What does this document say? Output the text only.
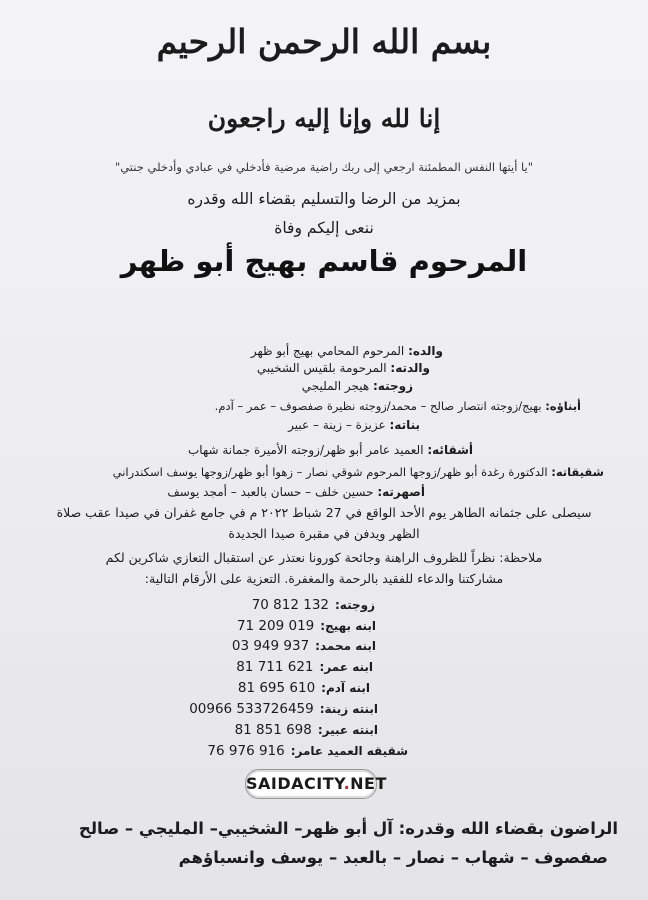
بسم الله الرحمن الرحيم
إنا لله وإنا إليه راجعون
"يا أيتها النفس المطمئنة ارجعي إلى ربك راضية مرضية فأدخلي في عبادي وأدخلي جنتي"
بمزيد من الرضا والتسليم بقضاء الله وقدره
ننعى إليكم وفاة
المرحوم قاسم بهيج أبو ظهر
والده: المرحوم المحامي بهيج أبو ظهر
والدته: المرحومة بلقيس الشخيبي
زوجته: هيجر المليجي
أبناؤه: بهيج/زوجته انتصار صالح – محمد/زوجته نظيرة صفصوف – عمر – آدم.
بناته: عزيزة – زينة – عبير
أشقائه: العميد عامر أبو ظهر/زوجته الأميرة جمانة شهاب
شقيقاته: الدكتورة رغدة أبو ظهر/زوجها المرحوم شوقي نصار – زهوا أبو ظهر/زوجها يوسف اسكندراني
أصهرته: حسين خلف – حسان بالعبد – أمجد يوسف
سيصلى على جثمانه الطاهر يوم الأحد الواقع في 27 شباط ٢٠٢٢ م في جامع غفران في صيدا عقب صلاة
الظهر ويدفن في مقبرة صيدا الجديدة
ملاحظة: نظراً للظروف الراهنة وجائحة كورونا نعتذر عن استقبال التعازي شاكرين لكم
مشاركتنا والدعاء للفقيد بالرحمة والمغفرة. التعزية على الأرقام التالية:
زوجته:70 812 132
ابنه بهيج:71 209 019
ابنه محمد:03 949 937
ابنه عمر:81 711 621
ابنه آدم:81 695 610
ابنته زينة:00966 533726459
ابنته عبير:81 851 698
شقيقه العميد عامر:76 976 916
SAIDACITY.NET
الراضون بقضاء الله وقدره: آل أبو ظهر– الشخيبي– المليجي – صالح
صفصوف – شهاب – نصار – بالعبد – يوسف وانسباؤهم
